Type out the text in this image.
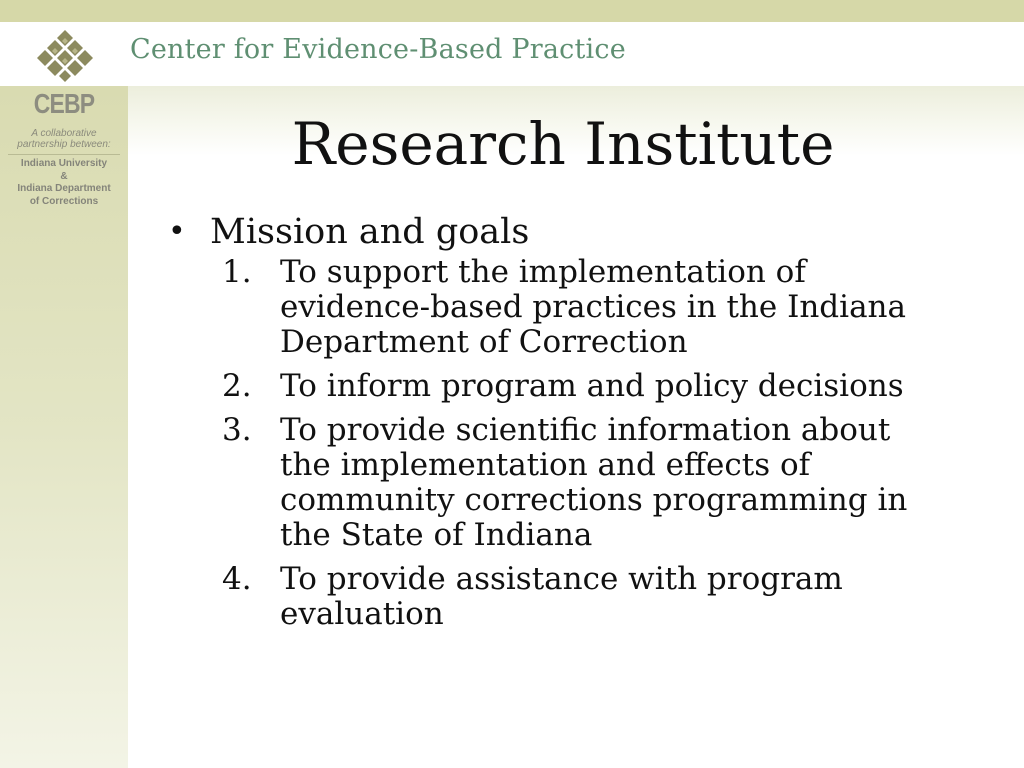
Center for Evidence-Based Practice
CEBP
A collaborative
partnership between:
Indiana University
&
Indiana Department
of Corrections
Research Institute
• Mission and goals
1. To support the implementation of
evidence-based practices in the Indiana
Department of Correction
2. To inform program and policy decisions
3. To provide scientific information about
the implementation and effects of
community corrections programming in
the State of Indiana
4. To provide assistance with program
evaluation
